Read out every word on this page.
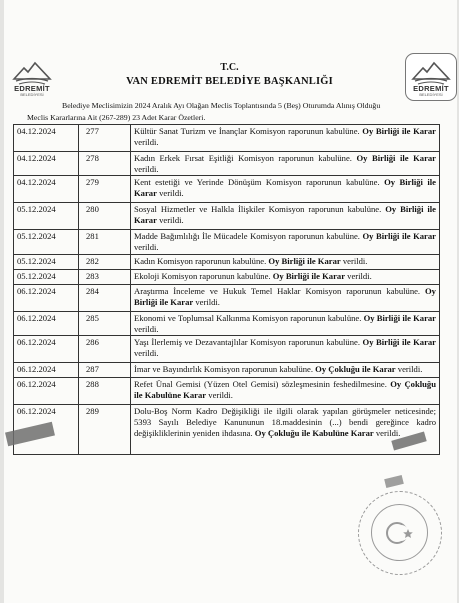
EDREMİT
BELEDİYESİ
EDREMİT
BELEDİYESİ
T.C.
VAN EDREMİT BELEDİYE BAŞKANLIĞI
Belediye Meclisimizin 2024 Aralık Ayı Olağan Meclis Toplantısında 5 (Beş) Oturumda Alınış Olduğu
Meclis Kararlarına Ait (267-289) 23 Adet Karar Özetleri.
04.12.2024	277	Kültür Sanat Turizm ve İnançlar Komisyon raporunun kabulüne. Oy Birliği ile Karar verildi.
04.12.2024	278	Kadın Erkek Fırsat Eşitliği Komisyon raporunun kabulüne. Oy Birliği ile Karar verildi.
04.12.2024	279	Kent estetiği ve Yerinde Dönüşüm Komisyon raporunun kabulüne. Oy Birliği ile Karar verildi.
05.12.2024	280	Sosyal Hizmetler ve Halkla İlişkiler Komisyon raporunun kabulüne. Oy Birliği ile Karar verildi.
05.12.2024	281	Madde Bağımlılığı İle Mücadele Komisyon raporunun kabulüne. Oy Birliği ile Karar verildi.
05.12.2024	282	Kadın Komisyon raporunun kabulüne. Oy Birliği ile Karar verildi.
05.12.2024	283	Ekoloji Komisyon raporunun kabulüne. Oy Birliği ile Karar verildi.
06.12.2024	284	Araştırma İnceleme ve Hukuk Temel Haklar Komisyon raporunun kabulüne. Oy Birliği ile Karar verildi.
06.12.2024	285	Ekonomi ve Toplumsal Kalkınma Komisyon raporunun kabulüne. Oy Birliği ile Karar verildi.
06.12.2024	286	Yaşı İlerlemiş ve Dezavantajlılar Komisyon raporunun kabulüne. Oy Birliği ile Karar verildi.
06.12.2024	287	İmar ve Bayındırlık Komisyon raporunun kabulüne. Oy Çokluğu ile Karar verildi.
06.12.2024	288	Refet Ünal Gemisi (Yüzen Otel Gemisi) sözleşmesinin feshedilmesine. Oy Çokluğu ile Kabulüne Karar verildi.
06.12.2024	289	Dolu-Boş Norm Kadro Değişikliği ile ilgili olarak yapılan görüşmeler neticesinde; 5393 Sayılı Belediye Kanununun 18.maddesinin (...) bendi gereğince kadro değişikliklerinin yeniden ihdasına. Oy Çokluğu ile Kabulüne Karar verildi.
